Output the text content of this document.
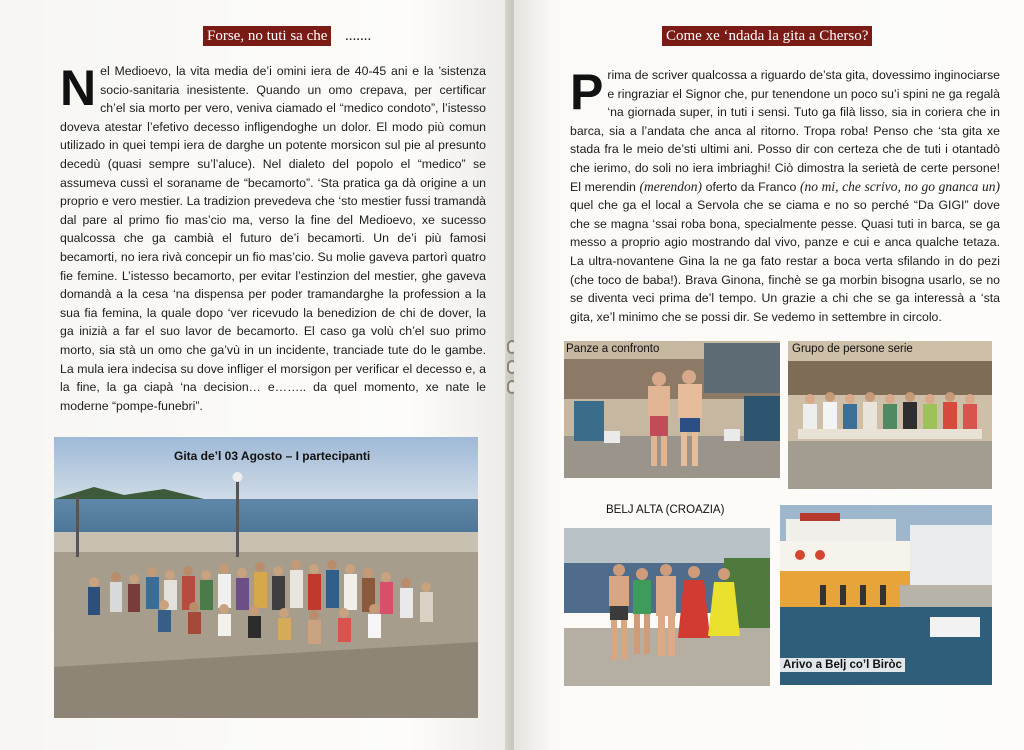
Forse, no tuti sa che .......
Nel Medioevo, la vita media de’i omini iera de 40-45 ani e la ’sistenza socio-sanitaria inesistente. Quando un omo crepava, per certificar ch’el sia morto per vero, veniva ciamado el “medico condoto”, l’istesso doveva atestar l’efetivo decesso infligendoghe un dolor. El modo più comun utilizado in quei tempi iera de darghe un potente morsicon sul pie al presunto decedù (quasi sempre su’l’aluce). Nel dialeto del popolo el “medico” se assumeva cussì el soraname de “becamorto”. ‘Sta pratica ga dà origine a un proprio e vero mestier. La tradizion prevedeva che ‘sto mestier fussi tramandà dal pare al primo fio mas’cio ma, verso la fine del Medioevo, xe sucesso qualcossa che ga cambià el futuro de’i becamorti. Un de’i più famosi becamorti, no iera rivà concepir un fio mas’cio. Su molie gaveva partorì quatro fie femine. L’istesso becamorto, per evitar l’estinzion del mestier, ghe gaveva domandà a la cesa ‘na dispensa per poder tramandarghe la profession a la sua fia femina, la quale dopo ‘ver ricevudo la benedizion de chi de dover, la ga inizià a far el suo lavor de becamorto. El caso ga volù ch’el suo primo morto, sia stà un omo che ga’vù in un incidente, tranciade tute do le gambe. La mula iera indecisa su dove infliger el morsigon per verificar el decesso e, a la fine, la ga ciapà ‘na decision… e…….. da quel momento, xe nate le moderne “pompe-funebri”.
Gita de’l 03 Agosto – I partecipanti
Come xe ‘ndada la gita a Cherso?
Prima de scriver qualcossa a riguardo de’sta gita, dovessimo inginociarse e ringraziar el Signor che, pur tenendone un poco su’i spini ne ga regalà ‘na giornada super, in tuti i sensi. Tuto ga filà lisso, sia in coriera che in barca, sia a l’andata che anca al ritorno. Tropa roba! Penso che ‘sta gita xe stada fra le meio de’sti ultimi ani. Posso dir con certeza che de tuti i otantadò che ierimo, do soli no iera imbriaghi! Ciò dimostra la serietà de certe persone! El merendin (merendon) oferto da Franco (no mi, che scrivo, no go gnanca un) quel che ga el local a Servola che se ciama e no so perché “Da GIGI” dove che se magna ‘ssai roba bona, specialmente pesse. Quasi tuti in barca, se ga messo a proprio agio mostrando dal vivo, panze e cui e anca qualche tetaza. La ultra-novantene Gina la ne ga fato restar a boca verta sfilando in do pezi (che toco de baba!). Brava Ginona, finchè se ga morbin bisogna usarlo, se no se diventa veci prima de’l tempo. Un grazie a chi che se ga interessà a ‘sta gita, xe’l minimo che se possi dir. Se vedemo in settembre in circolo.
Panze a confronto	Grupo de persone serie
BELJ ALTA (CROAZIA)
Arivo a Belj co’l Biròc
